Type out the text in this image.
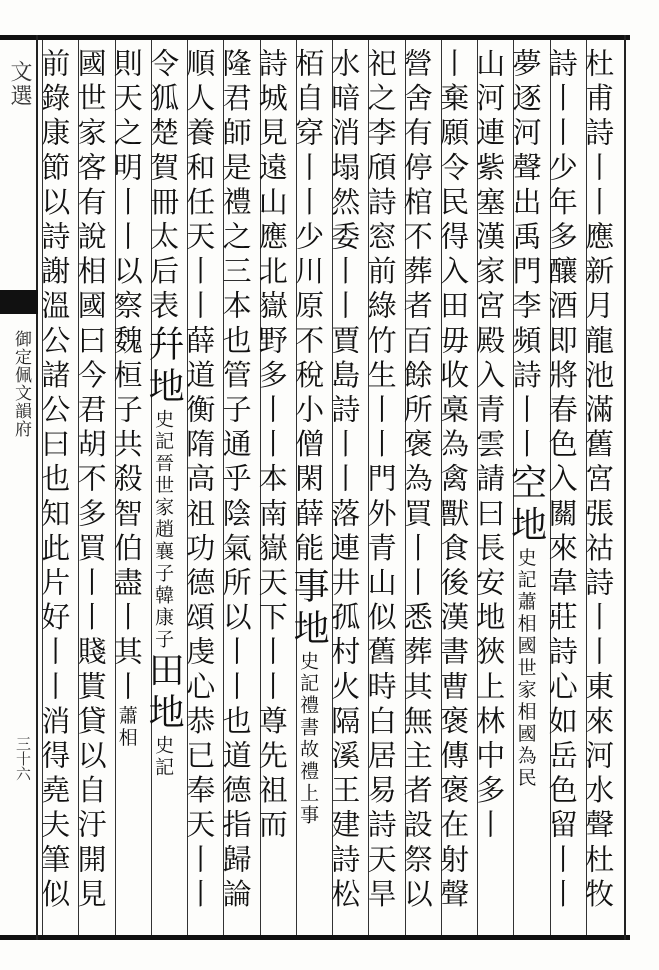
文選
御定佩文韻府
三十六	杜甫詩丨丨應新月龍池滿舊宮張祜詩丨丨東來河水聲杜牧
詩丨丨少年多釀酒即將春色入關來韋莊詩心如岳色留丨丨
夢逐河聲出禹門李頻詩丨丨空地史記蕭相國世家相國為民
山河連紫塞漢家宮殿入青雲請曰長安地狹上林中多丨
丨棄願令民得入田毋收槀為禽獸食後漢書曹褒傳褒在射聲
營舍有停棺不葬者百餘所褒為買丨丨悉葬其無主者設祭以
祀之李頎詩窓前綠竹生丨丨門外青山似舊時白居易詩天旱
水暗消塌然委丨丨賈島詩丨丨落連井孤村火隔溪王建詩松
栢自穿丨丨少川原不稅小僧閑薛能事地史記禮書故禮上事
詩城見遠山應北嶽野多丨丨本南嶽天下丨丨尊先祖而
隆君師是禮之三本也管子通乎陰氣所以丨丨也道德指歸論
順人養和任天丨丨薛道衡隋高祖功德頌虔心恭已奉天丨丨
令狐楚賀冊太后表幷地史記晉世家趙襄子韓康子田地史記
則天之明丨丨以察魏桓子共殺智伯盡丨其丨蕭相
國世家客有說相國曰今君胡不多買丨丨賤貰貸以自汙開見
前錄康節以詩謝溫公諸公曰也知此片好丨丨消得堯夫筆似
